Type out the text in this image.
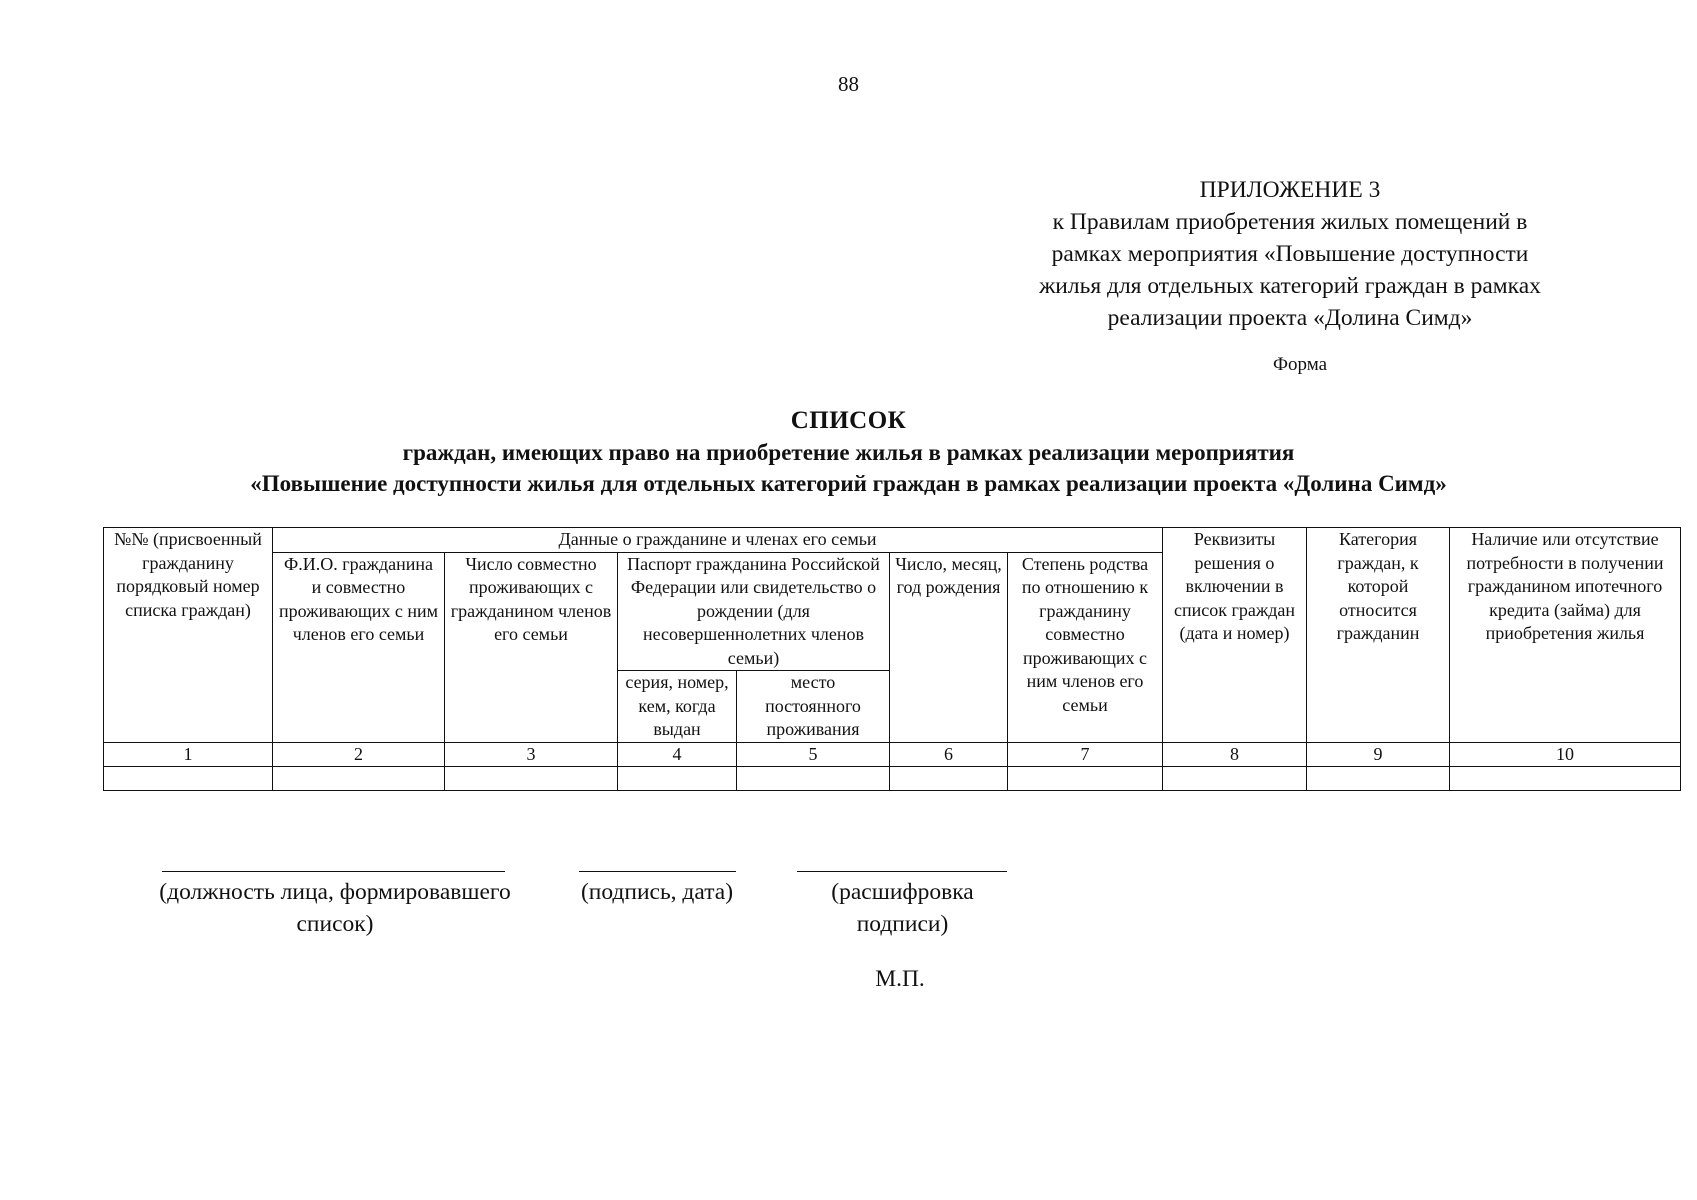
88
ПРИЛОЖЕНИЕ 3
к Правилам приобретения жилых помещений в
рамках мероприятия «Повышение доступности
жилья для отдельных категорий граждан в рамках
реализации проекта «Долина Симд»
Форма
СПИСОК
граждан, имеющих право на приобретение жилья в рамках реализации мероприятия
«Повышение доступности жилья для отдельных категорий граждан в рамках реализации проекта «Долина Симд»
№№ (присвоенный гражданину порядковый номер списка граждан)	Данные о гражданине и членах его семьи						Реквизиты решения о включении в список граждан (дата и номер)	Категория граждан, к которой относится гражданин	Наличие или отсутствие потребности в получении гражданином ипотечного кредита (займа) для приобретения жилья
	Ф.И.О. гражданина и совместно проживающих с ним членов его семьи	Число совместно проживающих с гражданином членов его семьи	Паспорт гражданина Российской Федерации или свидетельство о рождении (для несовершеннолетних членов семьи)		Число, месяц, год рождения	Степень родства по отношению к гражданину совместно проживающих с ним членов его семьи			
			серия, номер, кем, когда выдан	место постоянного проживания					
1	2	3	4	5	6	7	8	9	10

(должность лица, формировавшего список)
(подпись, дата)	(расшифровка подписи)
М.П.
